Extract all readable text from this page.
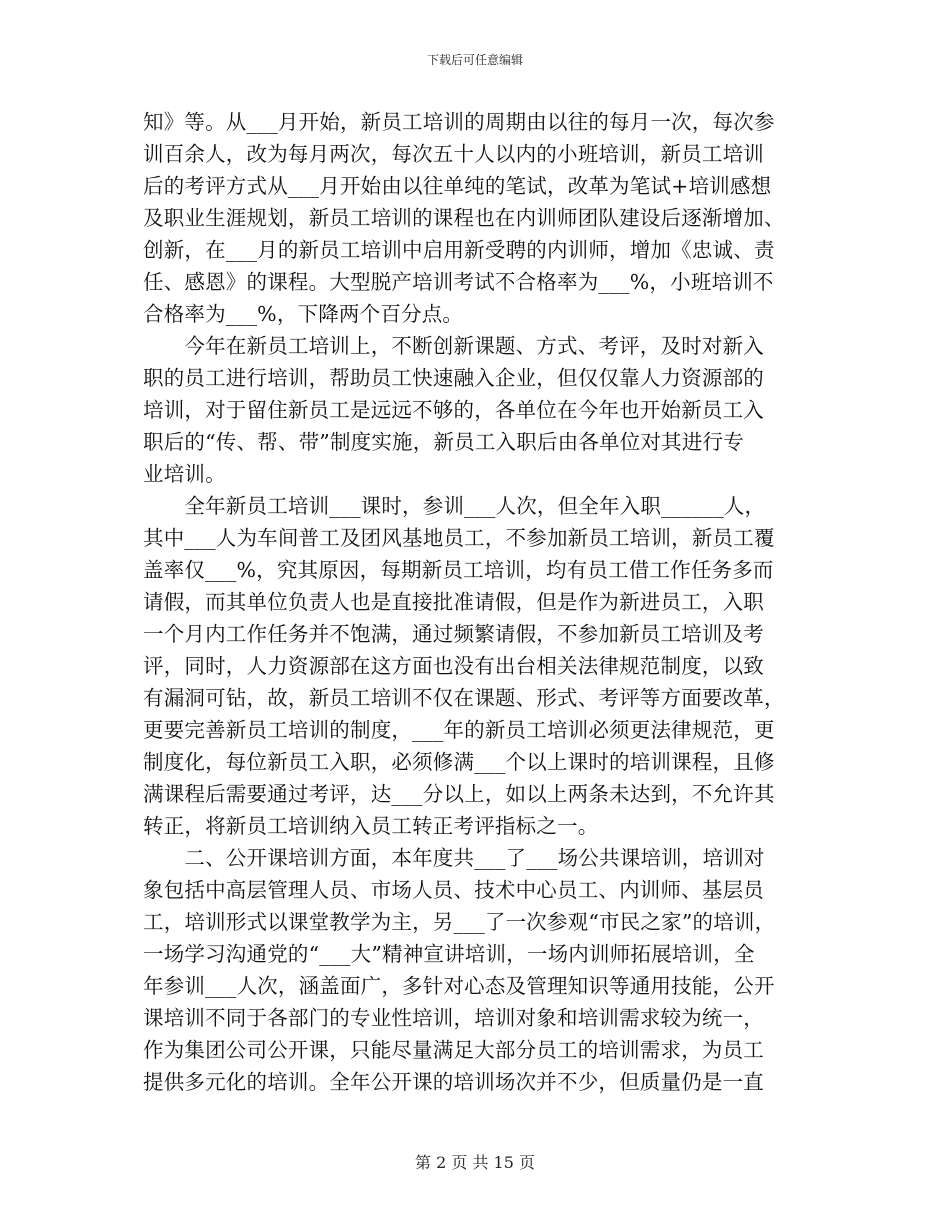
下载后可任意编辑
知》等。从___月开始，新员工培训的周期由以往的每月一次，每次参
训百余人，改为每月两次，每次五十人以内的小班培训，新员工培训
后的考评方式从___月开始由以往单纯的笔试，改革为笔试+培训感想
及职业生涯规划，新员工培训的课程也在内训师团队建设后逐渐增加、
创新，在___月的新员工培训中启用新受聘的内训师，增加《忠诚、责
任、感恩》的课程。大型脱产培训考试不合格率为___%，小班培训不
合格率为___%，下降两个百分点。
　　今年在新员工培训上，不断创新课题、方式、考评，及时对新入
职的员工进行培训，帮助员工快速融入企业，但仅仅靠人力资源部的
培训，对于留住新员工是远远不够的，各单位在今年也开始新员工入
职后的“传、帮、带”制度实施，新员工入职后由各单位对其进行专
业培训。
　　全年新员工培训___课时，参训___人次，但全年入职______人，
其中___人为车间普工及团风基地员工，不参加新员工培训，新员工覆
盖率仅___%，究其原因，每期新员工培训，均有员工借工作任务多而
请假，而其单位负责人也是直接批准请假，但是作为新进员工，入职
一个月内工作任务并不饱满，通过频繁请假，不参加新员工培训及考
评，同时，人力资源部在这方面也没有出台相关法律规范制度，以致
有漏洞可钻，故，新员工培训不仅在课题、形式、考评等方面要改革，
更要完善新员工培训的制度，___年的新员工培训必须更法律规范，更
制度化，每位新员工入职，必须修满___个以上课时的培训课程，且修
满课程后需要通过考评，达___分以上，如以上两条未达到，不允许其
转正，将新员工培训纳入员工转正考评指标之一。
　　二、公开课培训方面，本年度共___了___场公共课培训，培训对
象包括中高层管理人员、市场人员、技术中心员工、内训师、基层员
工，培训形式以课堂教学为主，另___了一次参观“市民之家”的培训，
一场学习沟通党的“___大”精神宣讲培训，一场内训师拓展培训，全
年参训___人次，涵盖面广，多针对心态及管理知识等通用技能，公开
课培训不同于各部门的专业性培训，培训对象和培训需求较为统一，
作为集团公司公开课，只能尽量满足大部分员工的培训需求，为员工
提供多元化的培训。全年公开课的培训场次并不少，但质量仍是一直
第 2 页 共 15 页
